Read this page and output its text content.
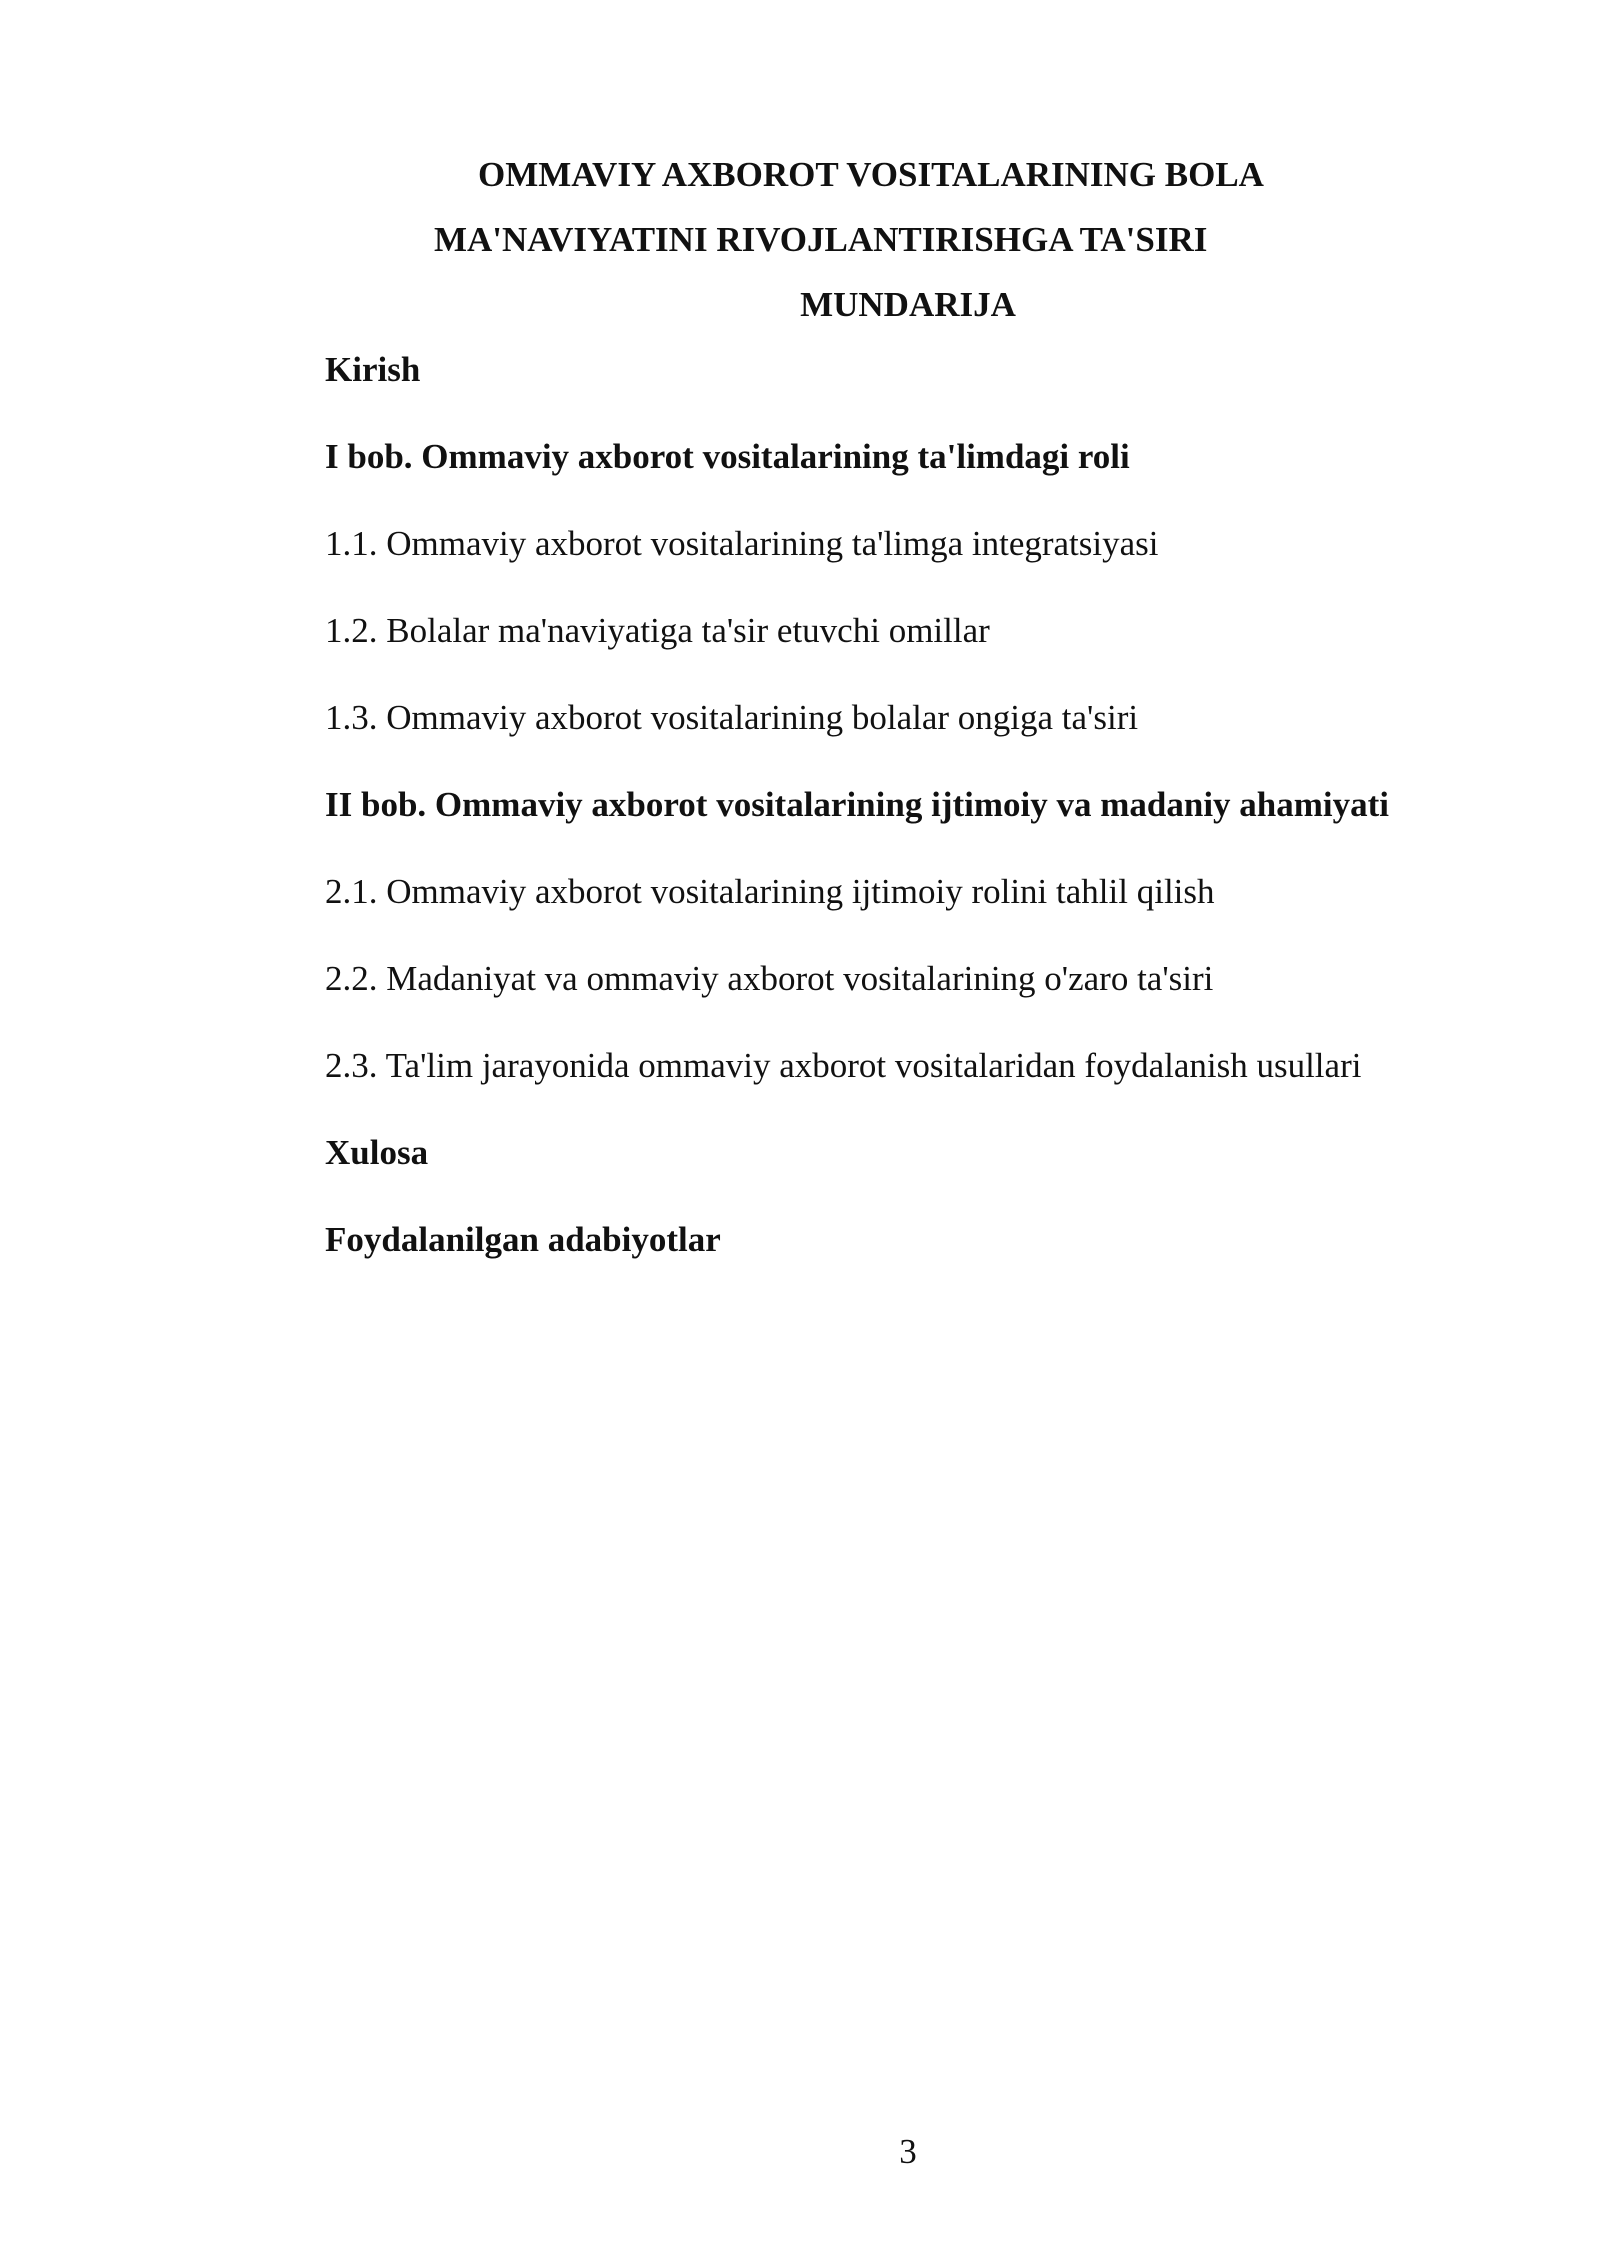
OMMAVIY AXBOROT VOSITALARINING BOLA
MA'NAVIYATINI RIVOJLANTIRISHGA TA'SIRI
MUNDARIJA
Kirish
I bob. Ommaviy axborot vositalarining ta'limdagi roli
1.1. Ommaviy axborot vositalarining ta'limga integratsiyasi
1.2. Bolalar ma'naviyatiga ta'sir etuvchi omillar
1.3. Ommaviy axborot vositalarining bolalar ongiga ta'siri
II bob. Ommaviy axborot vositalarining ijtimoiy va madaniy ahamiyati
2.1. Ommaviy axborot vositalarining ijtimoiy rolini tahlil qilish
2.2. Madaniyat va ommaviy axborot vositalarining o'zaro ta'siri
2.3. Ta'lim jarayonida ommaviy axborot vositalaridan foydalanish usullari
Xulosa
Foydalanilgan adabiyotlar
3
